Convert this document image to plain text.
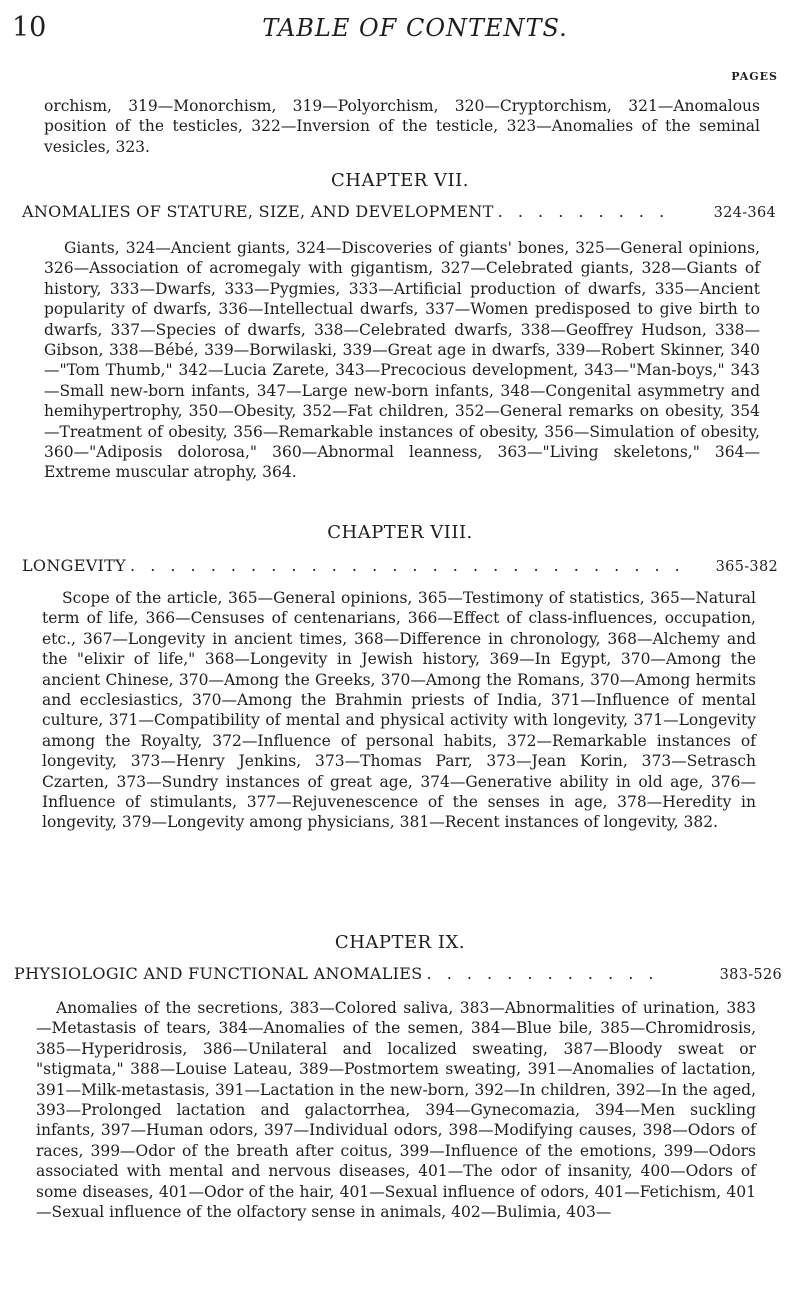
10	TABLE OF CONTENTS.
PAGES

orchism, 319—Monorchism, 319—Polyorchism, 320—Cryptorchism, 321—Anomalous position of the testicles, 322—Inversion of the testicle, 323—Anomalies of the seminal vesicles, 323.

CHAPTER VII.
ANOMALIES OF STATURE, SIZE, AND DEVELOPMENT . . . . . . . . .	324-364

Giants, 324—Ancient giants, 324—Discoveries of giants' bones, 325—General opinions, 326—Association of acromegaly with gigantism, 327—Celebrated giants, 328—Giants of history, 333—Dwarfs, 333—Pygmies, 333—Artificial production of dwarfs, 335—Ancient popularity of dwarfs, 336—Intellectual dwarfs, 337—Women predisposed to give birth to dwarfs, 337—Species of dwarfs, 338—Celebrated dwarfs, 338—Geoffrey Hudson, 338—Gibson, 338—Bébé, 339—Borwilaski, 339—Great age in dwarfs, 339—Robert Skinner, 340—"Tom Thumb," 342—Lucia Zarete, 343—Precocious development, 343—"Man-boys," 343—Small new-born infants, 347—Large new-born infants, 348—Congenital asymmetry and hemihypertrophy, 350—Obesity, 352—Fat children, 352—General remarks on obesity, 354—Treatment of obesity, 356—Remarkable instances of obesity, 356—Simulation of obesity, 360—"Adiposis dolorosa," 360—Abnormal leanness, 363—"Living skeletons," 364—Extreme muscular atrophy, 364.

CHAPTER VIII.
LONGEVITY . . . . . . . . . . . . . . . . . . . . . . . . . . . .	365-382

Scope of the article, 365—General opinions, 365—Testimony of statistics, 365—Natural term of life, 366—Censuses of centenarians, 366—Effect of class-influences, occupation, etc., 367—Longevity in ancient times, 368—Difference in chronology, 368—Alchemy and the "elixir of life," 368—Longevity in Jewish history, 369—In Egypt, 370—Among the ancient Chinese, 370—Among the Greeks, 370—Among the Romans, 370—Among hermits and ecclesiastics, 370—Among the Brahmin priests of India, 371—Influence of mental culture, 371—Compatibility of mental and physical activity with longevity, 371—Longevity among the Royalty, 372—Influence of personal habits, 372—Remarkable instances of longevity, 373—Henry Jenkins, 373—Thomas Parr, 373—Jean Korin, 373—Setrasch Czarten, 373—Sundry instances of great age, 374—Generative ability in old age, 376—Influence of stimulants, 377—Rejuvenescence of the senses in age, 378—Heredity in longevity, 379—Longevity among physicians, 381—Recent instances of longevity, 382.

CHAPTER IX.
PHYSIOLOGIC AND FUNCTIONAL ANOMALIES . . . . . . . . . . . .	383-526

Anomalies of the secretions, 383—Colored saliva, 383—Abnormalities of urination, 383—Metastasis of tears, 384—Anomalies of the semen, 384—Blue bile, 385—Chromidrosis, 385—Hyperidrosis, 386—Unilateral and localized sweating, 387—Bloody sweat or "stigmata," 388—Louise Lateau, 389—Postmortem sweating, 391—Anomalies of lactation, 391—Milk-metastasis, 391—Lactation in the new-born, 392—In children, 392—In the aged, 393—Prolonged lactation and galactorrhea, 394—Gynecomazia, 394—Men suckling infants, 397—Human odors, 397—Individual odors, 398—Modifying causes, 398—Odors of races, 399—Odor of the breath after coitus, 399—Influence of the emotions, 399—Odors associated with mental and nervous diseases, 401—The odor of insanity, 400—Odors of some diseases, 401—Odor of the hair, 401—Sexual influence of odors, 401—Fetichism, 401—Sexual influence of the olfactory sense in animals, 402—Bulimia, 403—
